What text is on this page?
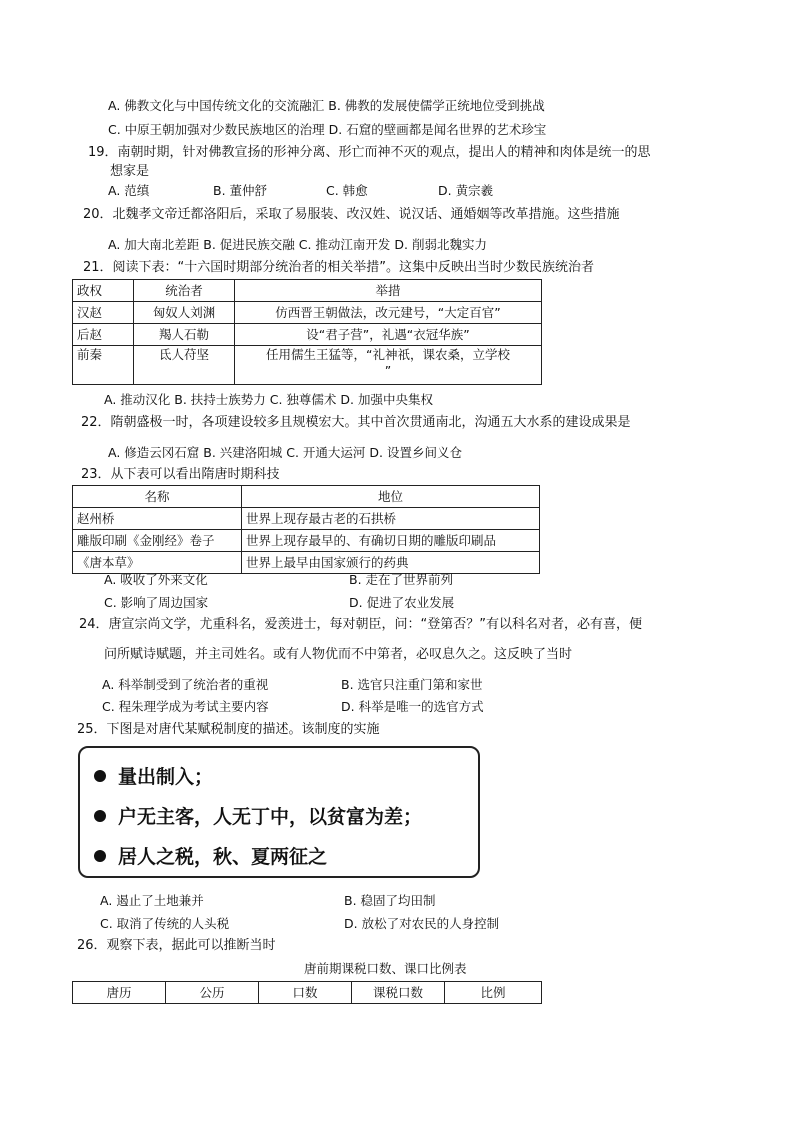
A. 佛教文化与中国传统文化的交流融汇 B. 佛教的发展使儒学正统地位受到挑战
C. 中原王朝加强对少数民族地区的治理 D. 石窟的壁画都是闻名世界的艺术珍宝
19．南朝时期，针对佛教宣扬的形神分离、形亡而神不灭的观点，提出人的精神和肉体是统一的思
想家是
A. 范缜	B. 董仲舒	C. 韩愈	D. 黄宗羲
20．北魏孝文帝迁都洛阳后，采取了易服装、改汉姓、说汉话、通婚姻等改革措施。这些措施
A. 加大南北差距 B. 促进民族交融 C. 推动江南开发 D. 削弱北魏实力
21．阅读下表：“十六国时期部分统治者的相关举措”。这集中反映出当时少数民族统治者
政权	统治者	举措
汉赵	匈奴人刘渊	仿西晋王朝做法，改元建号，“大定百官”
后赵	羯人石勒	设“君子营”，礼遇“衣冠华族”
前秦	氐人苻坚	任用儒生王猛等，“礼神祇，课农桑，立学校
”
A. 推动汉化 B. 扶持士族势力 C. 独尊儒术 D. 加强中央集权
22．隋朝盛极一时，各项建设较多且规模宏大。其中首次贯通南北，沟通五大水系的建设成果是
A. 修造云冈石窟 B. 兴建洛阳城 C. 开通大运河 D. 设置乡间义仓
23．从下表可以看出隋唐时期科技
名称	地位
赵州桥	世界上现存最古老的石拱桥
雕版印刷《金刚经》卷子	世界上现存最早的、有确切日期的雕版印刷品
《唐本草》	世界上最早由国家颁行的药典
A. 吸收了外来文化	B. 走在了世界前列
C. 影响了周边国家	D. 促进了农业发展
24．唐宣宗尚文学，尤重科名，爱羡进士，每对朝臣，问：“登第否？”有以科名对者，必有喜，便
问所赋诗赋题，并主司姓名。或有人物优而不中第者，必叹息久之。这反映了当时
A. 科举制受到了统治者的重视	B. 选官只注重门第和家世
C. 程朱理学成为考试主要内容	D. 科举是唯一的选官方式
25．下图是对唐代某赋税制度的描述。该制度的实施
量出制入；
户无主客，人无丁中，以贫富为差；
居人之税，秋、夏两征之
A. 遏止了土地兼并	B. 稳固了均田制
C. 取消了传统的人头税	D. 放松了对农民的人身控制
26．观察下表，据此可以推断当时
唐前期课税口数、课口比例表
唐历	公历	口数	课税口数	比例
